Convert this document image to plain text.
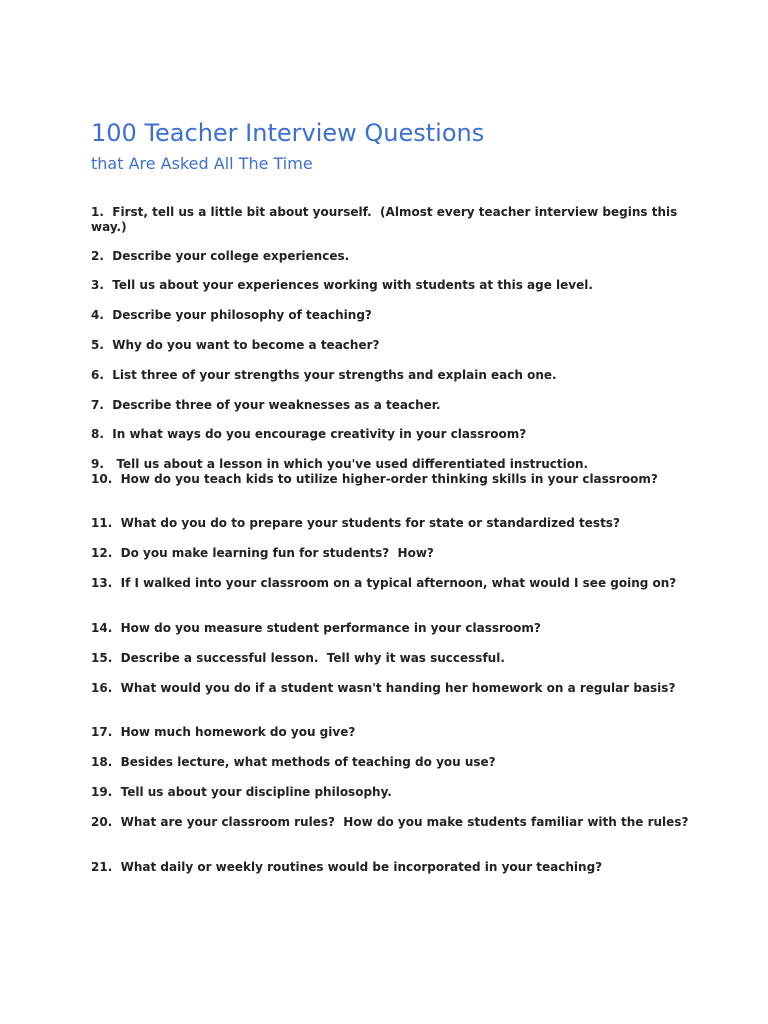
100 Teacher Interview Questions
that Are Asked All The Time

1.  First, tell us a little bit about yourself.  (Almost every teacher interview begins this way.)

2.  Describe your college experiences.

3.  Tell us about your experiences working with students at this age level.

4.  Describe your philosophy of teaching?

5.  Why do you want to become a teacher?

6.  List three of your strengths your strengths and explain each one.

7.  Describe three of your weaknesses as a teacher.

8.  In what ways do you encourage creativity in your classroom?

9.   Tell us about a lesson in which you've used differentiated instruction.

10.  How do you teach kids to utilize higher-order thinking skills in your classroom?

11.  What do you do to prepare your students for state or standardized tests?

12.  Do you make learning fun for students?  How?

13.  If I walked into your classroom on a typical afternoon, what would I see going on?

14.  How do you measure student performance in your classroom?

15.  Describe a successful lesson.  Tell why it was successful.

16.  What would you do if a student wasn't handing her homework on a regular basis?

17.  How much homework do you give?

18.  Besides lecture, what methods of teaching do you use?

19.  Tell us about your discipline philosophy.

20.  What are your classroom rules?  How do you make students familiar with the rules?

21.  What daily or weekly routines would be incorporated in your teaching?
